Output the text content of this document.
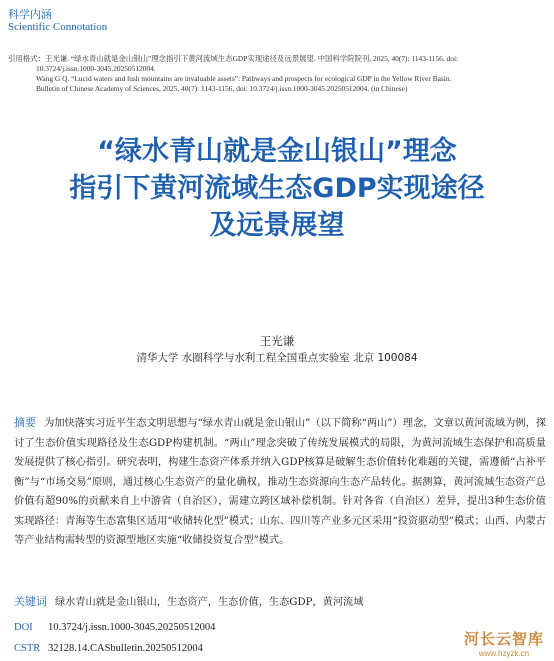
科学内涵
Scientific Connotation
引用格式：王光谦. “绿水青山就是金山银山”理念指引下黄河流域生态GDP实现途径及远景展望. 中国科学院院刊, 2025, 40(7): 1143-1156, doi:
10.3724/j.issn.1000-3045.20250512004.
Wang G Q. “Lucid waters and lush mountains are invaluable assets”: Pathways and prospects for ecological GDP in the Yellow River Basin.
Bulletin of Chinese Academy of Sciences, 2025, 40(7): 1143-1156, doi: 10.3724/j.issn.1000-3045.20250512004. (in Chinese)
“绿水青山就是金山银山”理念
指引下黄河流域生态GDP实现途径
及远景展望
王光谦
清华大学 水圈科学与水利工程全国重点实验室 北京 100084
摘要 为加快落实习近平生态文明思想与“绿水青山就是金山银山”（以下简称“两山”）理念，文章以黄河流域为例，探讨了生态价值实现路径及生态GDP构建机制。“两山”理念突破了传统发展模式的局限，为黄河流域生态保护和高质量发展提供了核心指引。研究表明，构建生态资产体系并纳入GDP核算是破解生态价值转化难题的关键，需遵循“占补平衡”与“市场交易”原则，通过核心生态资产的量化确权，推动生态资源向生态产品转化。据测算，黄河流域生态资产总价值有超90%的贡献来自上中游省（自治区），需建立跨区域补偿机制。针对各省（自治区）差异，提出3种生态价值实现路径：青海等生态富集区适用“收储转化型”模式；山东、四川等产业多元区采用“投资驱动型”模式；山西、内蒙古等产业结构需转型的资源型地区实施“收储投资复合型”模式。
关键词 绿水青山就是金山银山，生态资产，生态价值，生态GDP，黄河流域
DOI 10.3724/j.issn.1000-3045.20250512004
CSTR 32128.14.CASbulletin.20250512004
河长云智库
www.hzyzk.cn
